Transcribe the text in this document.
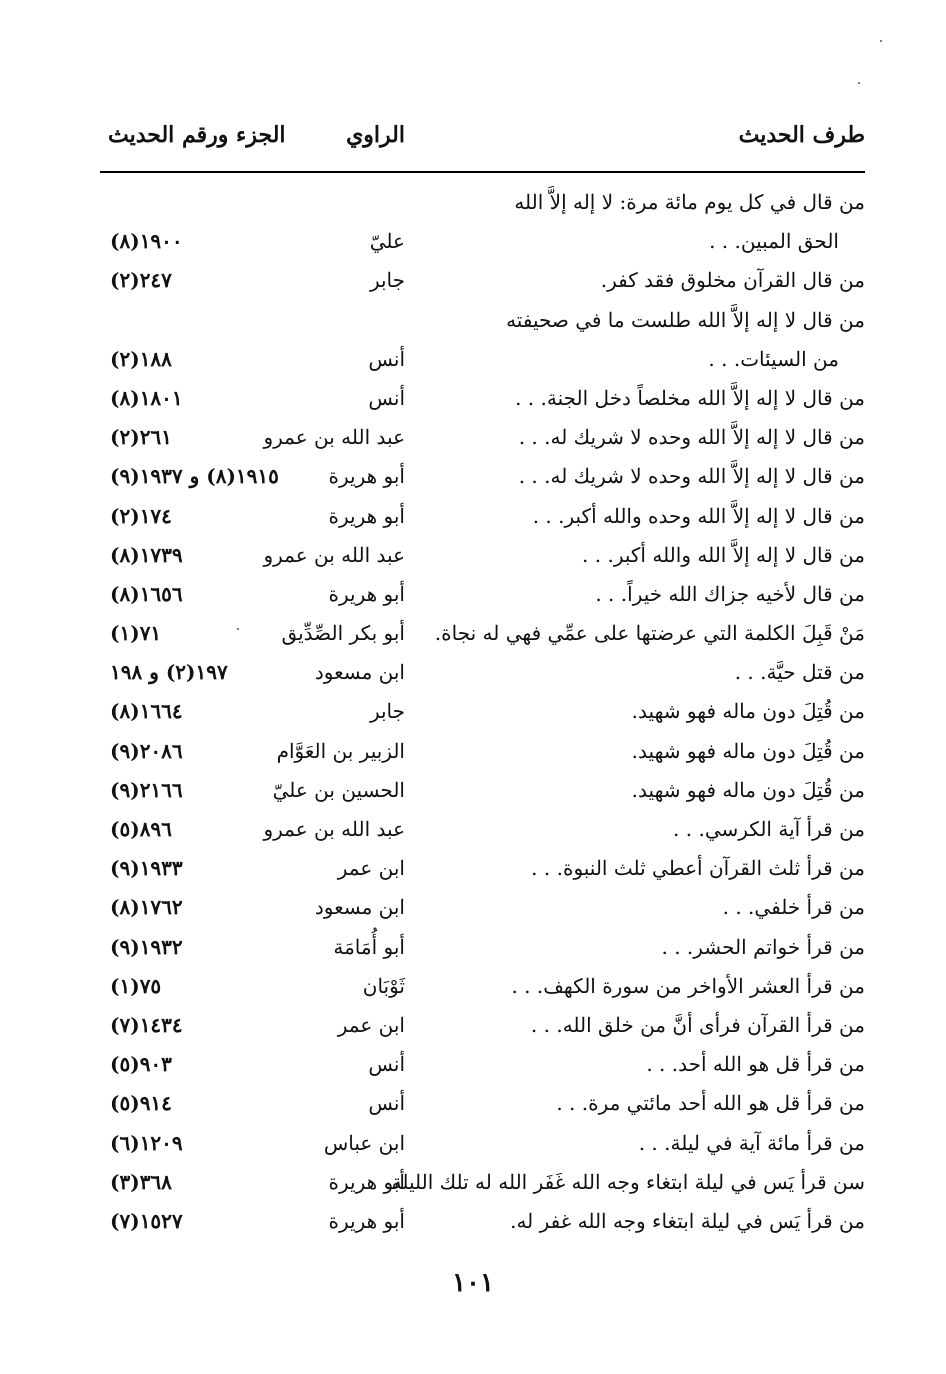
طرف الحديث
الراوي
الجزء ورقم الحديث
من قال في كل يوم مائة مرة: لا إله إلاَّ الله
الحق المبين. . .
عليّ
١٩٠٠(٨)
من قال القرآن مخلوق فقد كفر.
جابر
٢٤٧(٢)
من قال لا إله إلاَّ الله طلست ما في صحيفته
من السيئات. . .
أنس
١٨٨(٢)
من قال لا إله إلاَّ الله مخلصاً دخل الجنة. . .
أنس
١٨٠١(٨)
من قال لا إله إلاَّ الله وحده لا شريك له. . .
عبد الله بن عمرو
٢٦١(٢)
من قال لا إله إلاَّ الله وحده لا شريك له. . .
أبو هريرة
١٩١٥(٨) و ١٩٣٧(٩)
من قال لا إله إلاَّ الله وحده والله أكبر. . .
أبو هريرة
١٧٤(٢)
من قال لا إله إلاَّ الله والله أكبر. . .
عبد الله بن عمرو
١٧٣٩(٨)
من قال لأخيه جزاك الله خيراً. . .
أبو هريرة
١٦٥٦(٨)
مَنْ قَبِلَ الكلمة التي عرضتها على عمِّي فهي له نجاة.
أبو بكر الصِّدِّيق
٧١(١)
من قتل حيَّة. . .
ابن مسعود
١٩٧(٢) و ١٩٨
من قُتِلَ دون ماله فهو شهيد.
جابر
١٦٦٤(٨)
من قُتِلَ دون ماله فهو شهيد.
الزبير بن العَوَّام
٢٠٨٦(٩)
من قُتِلَ دون ماله فهو شهيد.
الحسين بن عليّ
٢١٦٦(٩)
من قرأ آية الكرسي. . .
عبد الله بن عمرو
٨٩٦(٥)
من قرأ ثلث القرآن أعطي ثلث النبوة. . .
ابن عمر
١٩٣٣(٩)
من قرأ خلفي. . .
ابن مسعود
١٧٦٢(٨)
من قرأ خواتم الحشر. . .
أبو أُمَامَة
١٩٣٢(٩)
من قرأ العشر الأواخر من سورة الكهف. . .
ثَوْبَان
٧٥(١)
من قرأ القرآن فرأى أنَّ من خلق الله. . .
ابن عمر
١٤٣٤(٧)
من قرأ قل هو الله أحد. . .
أنس
٩٠٣(٥)
من قرأ قل هو الله أحد مائتي مرة. . .
أنس
٩١٤(٥)
من قرأ مائة آية في ليلة. . .
ابن عباس
١٢٠٩(٦)
سن قرأ يَس في ليلة ابتغاء وجه الله غَفَر الله له تلك الليلة.
أبو هريرة
٣٦٨(٣)
من قرأ يَس في ليلة ابتغاء وجه الله غفر له.
أبو هريرة
١٥٢٧(٧)
١٠١
